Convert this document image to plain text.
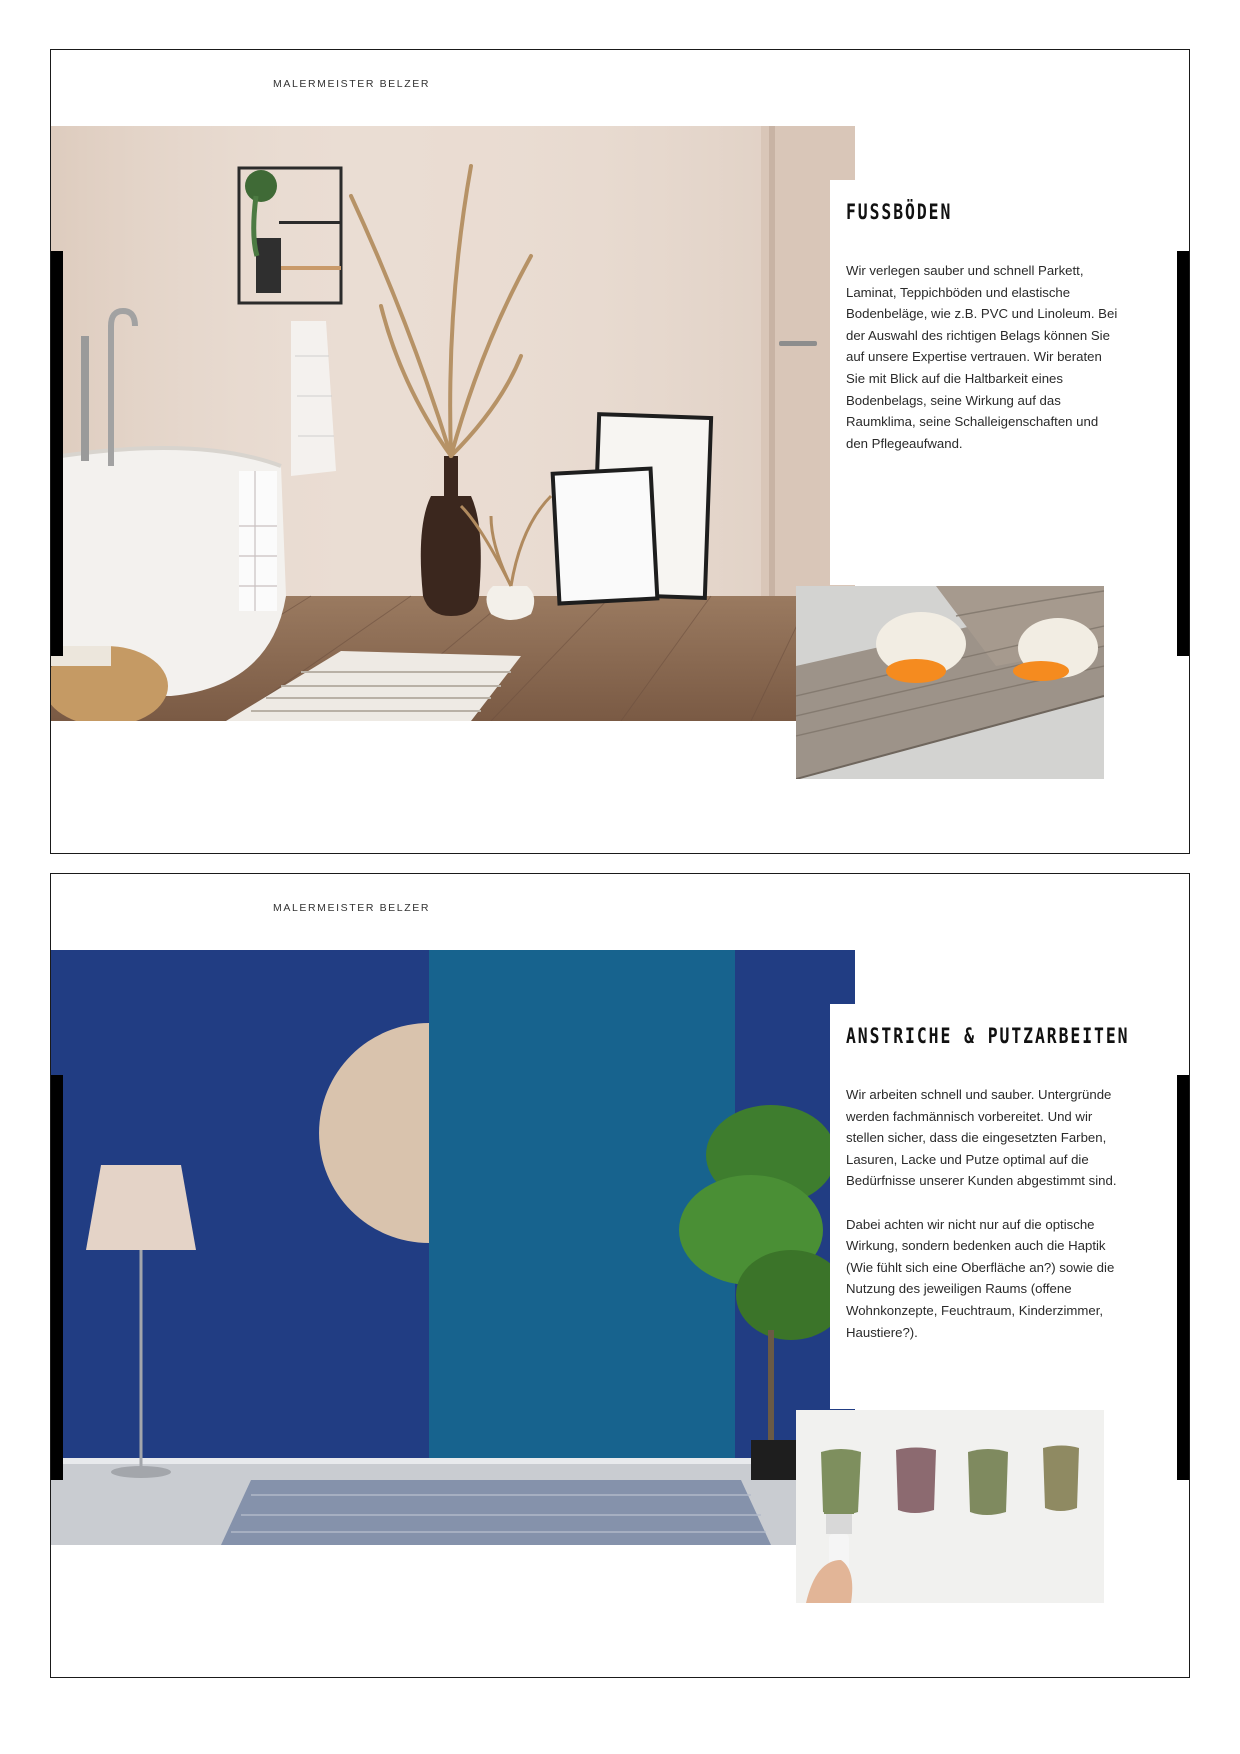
MALERMEISTER BELZER
FUSSBÖDEN

Wir verlegen sauber und schnell Parkett, Laminat, Teppichböden und elastische Bodenbeläge, wie z.B. PVC und Linoleum. Bei der Auswahl des richtigen Belags können Sie auf unsere Expertise vertrauen. Wir beraten Sie mit Blick auf die Haltbarkeit eines Bodenbelags, seine Wirkung auf das Raumklima, seine Schalleigenschaften und den Pflegeaufwand.

MALERMEISTER BELZER
ANSTRICHE & PUTZARBEITEN

Wir arbeiten schnell und sauber. Untergründe werden fachmännisch vorbereitet. Und wir stellen sicher, dass die eingesetzten Farben, Lasuren, Lacke und Putze optimal auf die Bedürfnisse unserer Kunden abgestimmt sind.

Dabei achten wir nicht nur auf die optische Wirkung, sondern bedenken auch die Haptik (Wie fühlt sich eine Oberfläche an?) sowie die Nutzung des jeweiligen Raums (offene Wohnkonzepte, Feuchtraum, Kinderzimmer, Haustiere?).
